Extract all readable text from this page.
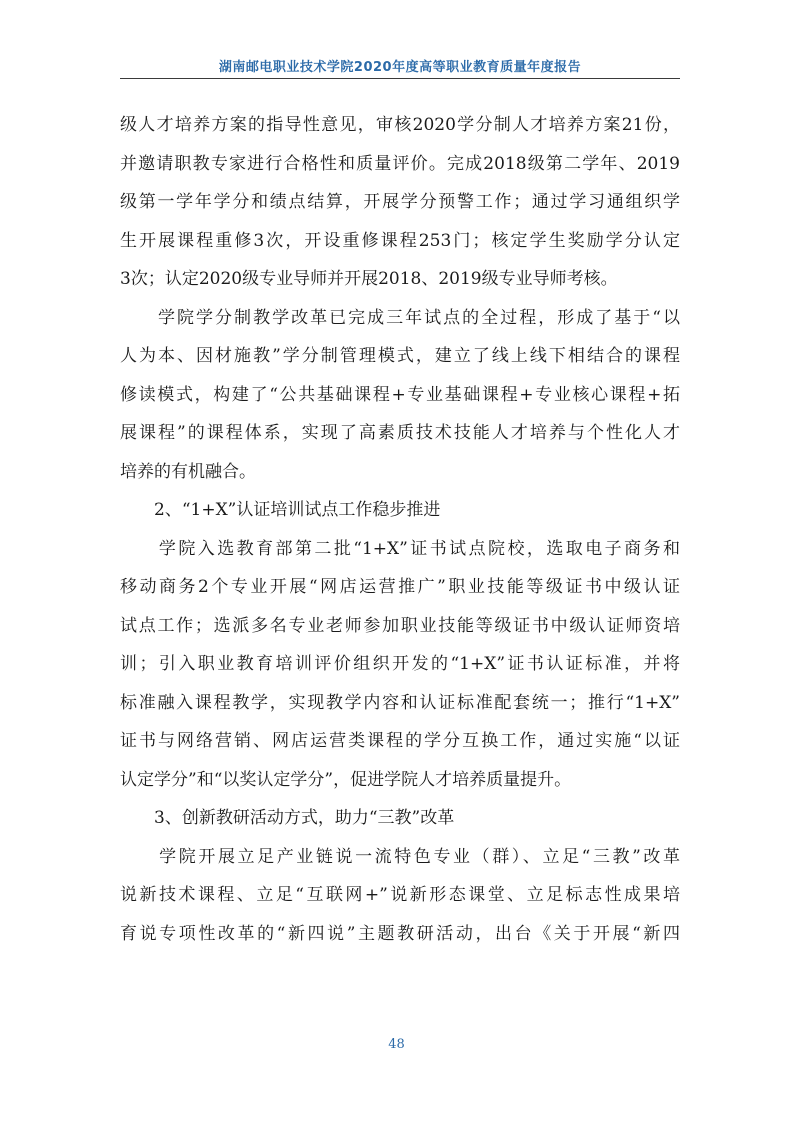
湖南邮电职业技术学院2020年度高等职业教育质量年度报告
级人才培养方案的指导性意见，审核2020学分制人才培养方案21份，
并邀请职教专家进行合格性和质量评价。完成2018级第二学年、2019
级第一学年学分和绩点结算，开展学分预警工作；通过学习通组织学
生开展课程重修3次，开设重修课程253门；核定学生奖励学分认定
3次；认定2020级专业导师并开展2018、2019级专业导师考核。
　　学院学分制教学改革已完成三年试点的全过程，形成了基于“以
人为本、因材施教”学分制管理模式，建立了线上线下相结合的课程
修读模式，构建了“公共基础课程+专业基础课程+专业核心课程+拓
展课程”的课程体系，实现了高素质技术技能人才培养与个性化人才
培养的有机融合。
　　2、“1+X”认证培训试点工作稳步推进
　　学院入选教育部第二批“1+X”证书试点院校，选取电子商务和
移动商务2个专业开展“网店运营推广”职业技能等级证书中级认证
试点工作；选派多名专业老师参加职业技能等级证书中级认证师资培
训；引入职业教育培训评价组织开发的“1+X”证书认证标准，并将
标准融入课程教学，实现教学内容和认证标准配套统一；推行“1+X”
证书与网络营销、网店运营类课程的学分互换工作，通过实施“以证
认定学分”和“以奖认定学分”，促进学院人才培养质量提升。
　　3、创新教研活动方式，助力“三教”改革
　　学院开展立足产业链说一流特色专业（群）、立足“三教”改革
说新技术课程、立足“互联网+”说新形态课堂、立足标志性成果培
育说专项性改革的“新四说”主题教研活动，出台《关于开展“新四
48
